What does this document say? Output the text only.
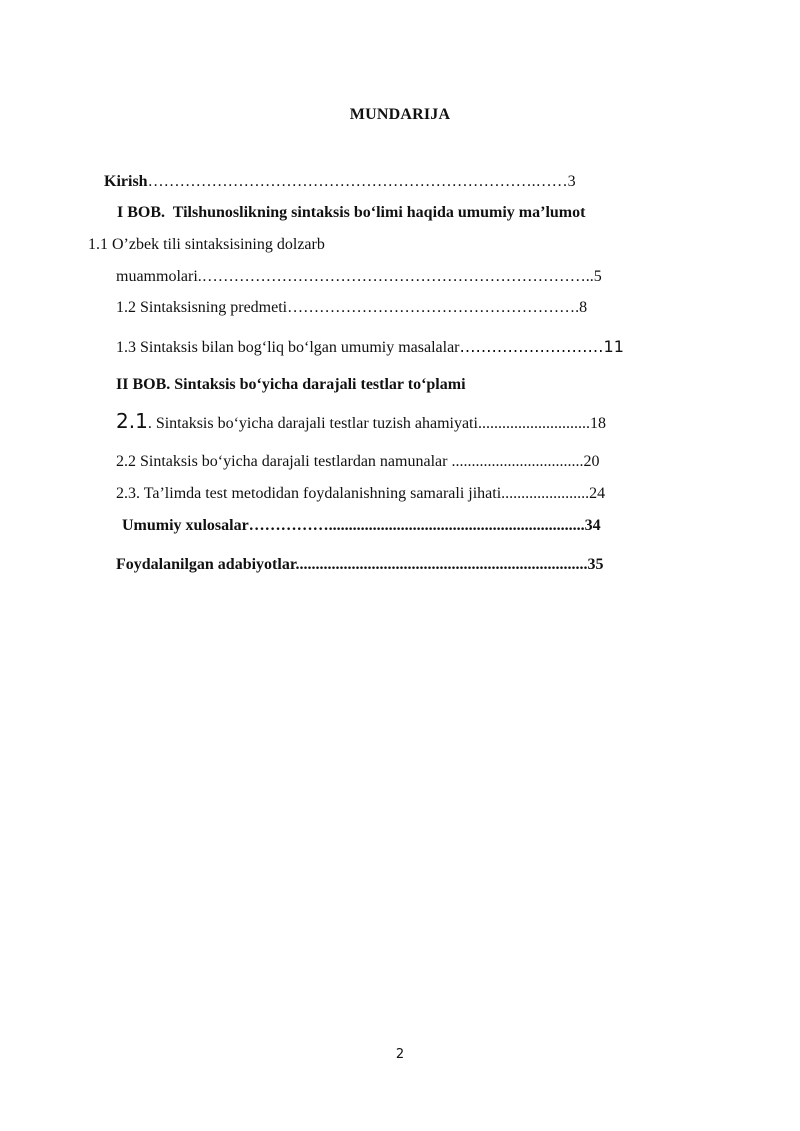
MUNDARIJA
Kirish……………………………………………………………….……3
I BOB.  Tilshunoslikning sintaksis bo‘limi haqida umumiy ma’lumot
1.1 O’zbek tili sintaksisining dolzarb
muammolari.………………………………………………………………..5
1.2 Sintaksisning predmeti……………………………………………….8
1.3 Sintaksis bilan bog‘liq bo‘lgan umumiy masalalar………………………11
II BOB. Sintaksis bo‘yicha darajali testlar to‘plami
2.1. Sintaksis bo‘yicha darajali testlar tuzish ahamiyati............................18
2.2 Sintaksis bo‘yicha darajali testlardan namunalar .................................20
2.3. Ta’limda test metodidan foydalanishning samarali jihati......................24
Umumiy xulosalar……………................................................................34
Foydalanilgan adabiyotlar.........................................................................35
2
